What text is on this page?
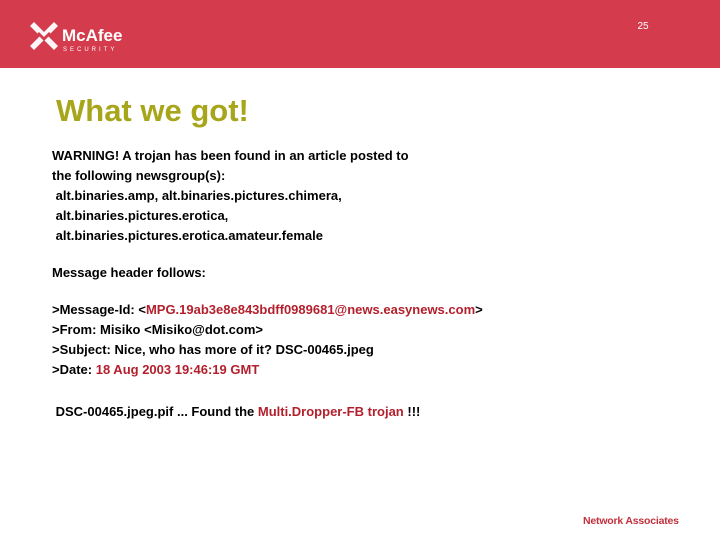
McAfee
SECURITY
25
What we got!
WARNING! A trojan has been found in an article posted to
the following newsgroup(s):
alt.binaries.amp, alt.binaries.pictures.chimera,
alt.binaries.pictures.erotica,
alt.binaries.pictures.erotica.amateur.female
Message header follows:
>Message-Id: <MPG.19ab3e8e843bdff0989681@news.easynews.com>
>From: Misiko <Misiko@dot.com>
>Subject: Nice, who has more of it? DSC-00465.jpeg
>Date: 18 Aug 2003 19:46:19 GMT
DSC-00465.jpeg.pif ... Found the Multi.Dropper-FB trojan !!!
Network Associates
